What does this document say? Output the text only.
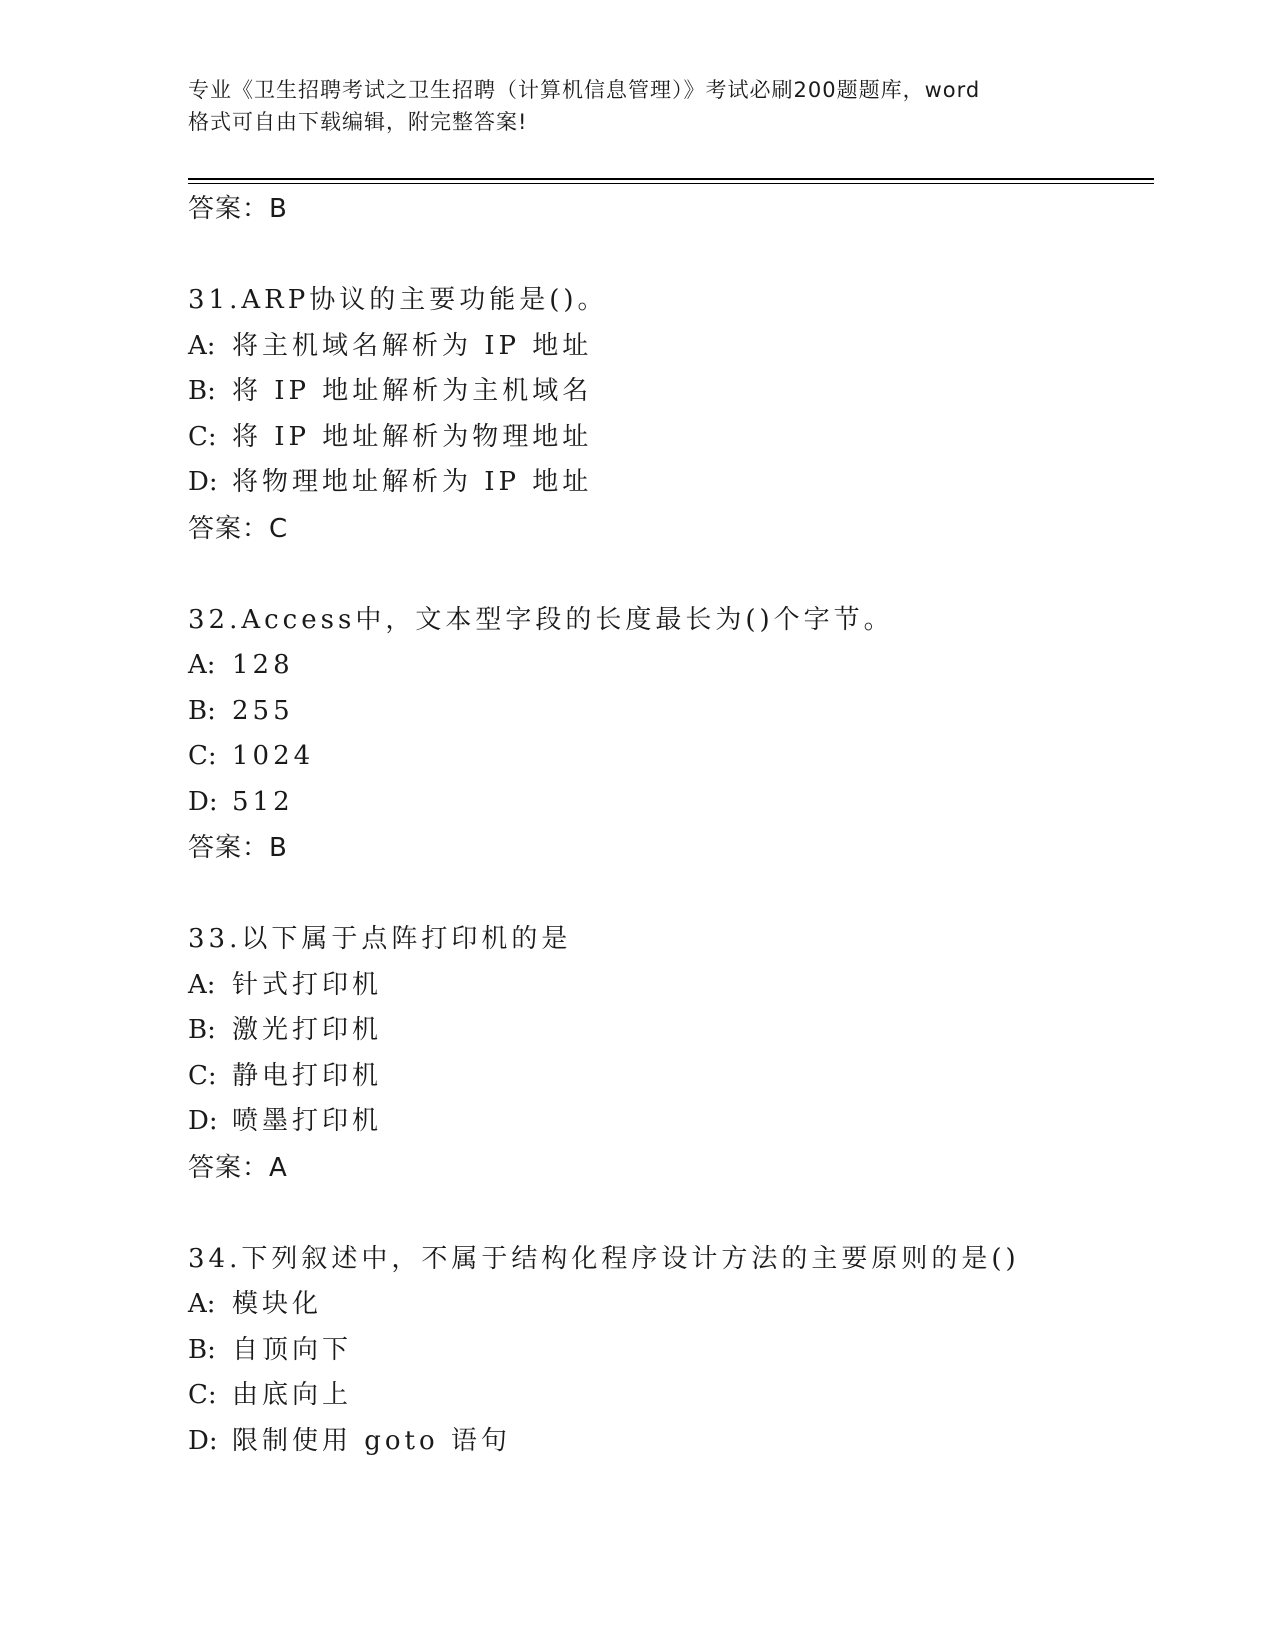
专业《卫生招聘考试之卫生招聘（计算机信息管理）》考试必刷200题题库，word
格式可自由下载编辑，附完整答案!
答案：B
31.ARP协议的主要功能是()。
A: 将主机域名解析为 IP 地址
B: 将 IP 地址解析为主机域名
C: 将 IP 地址解析为物理地址
D: 将物理地址解析为 IP 地址
答案：C
32.Access中，文本型字段的长度最长为()个字节。
A: 128
B: 255
C: 1024
D: 512
答案：B
33.以下属于点阵打印机的是
A: 针式打印机
B: 激光打印机
C: 静电打印机
D: 喷墨打印机
答案：A
34.下列叙述中，不属于结构化程序设计方法的主要原则的是()
A: 模块化
B: 自顶向下
C: 由底向上
D: 限制使用 goto 语句
